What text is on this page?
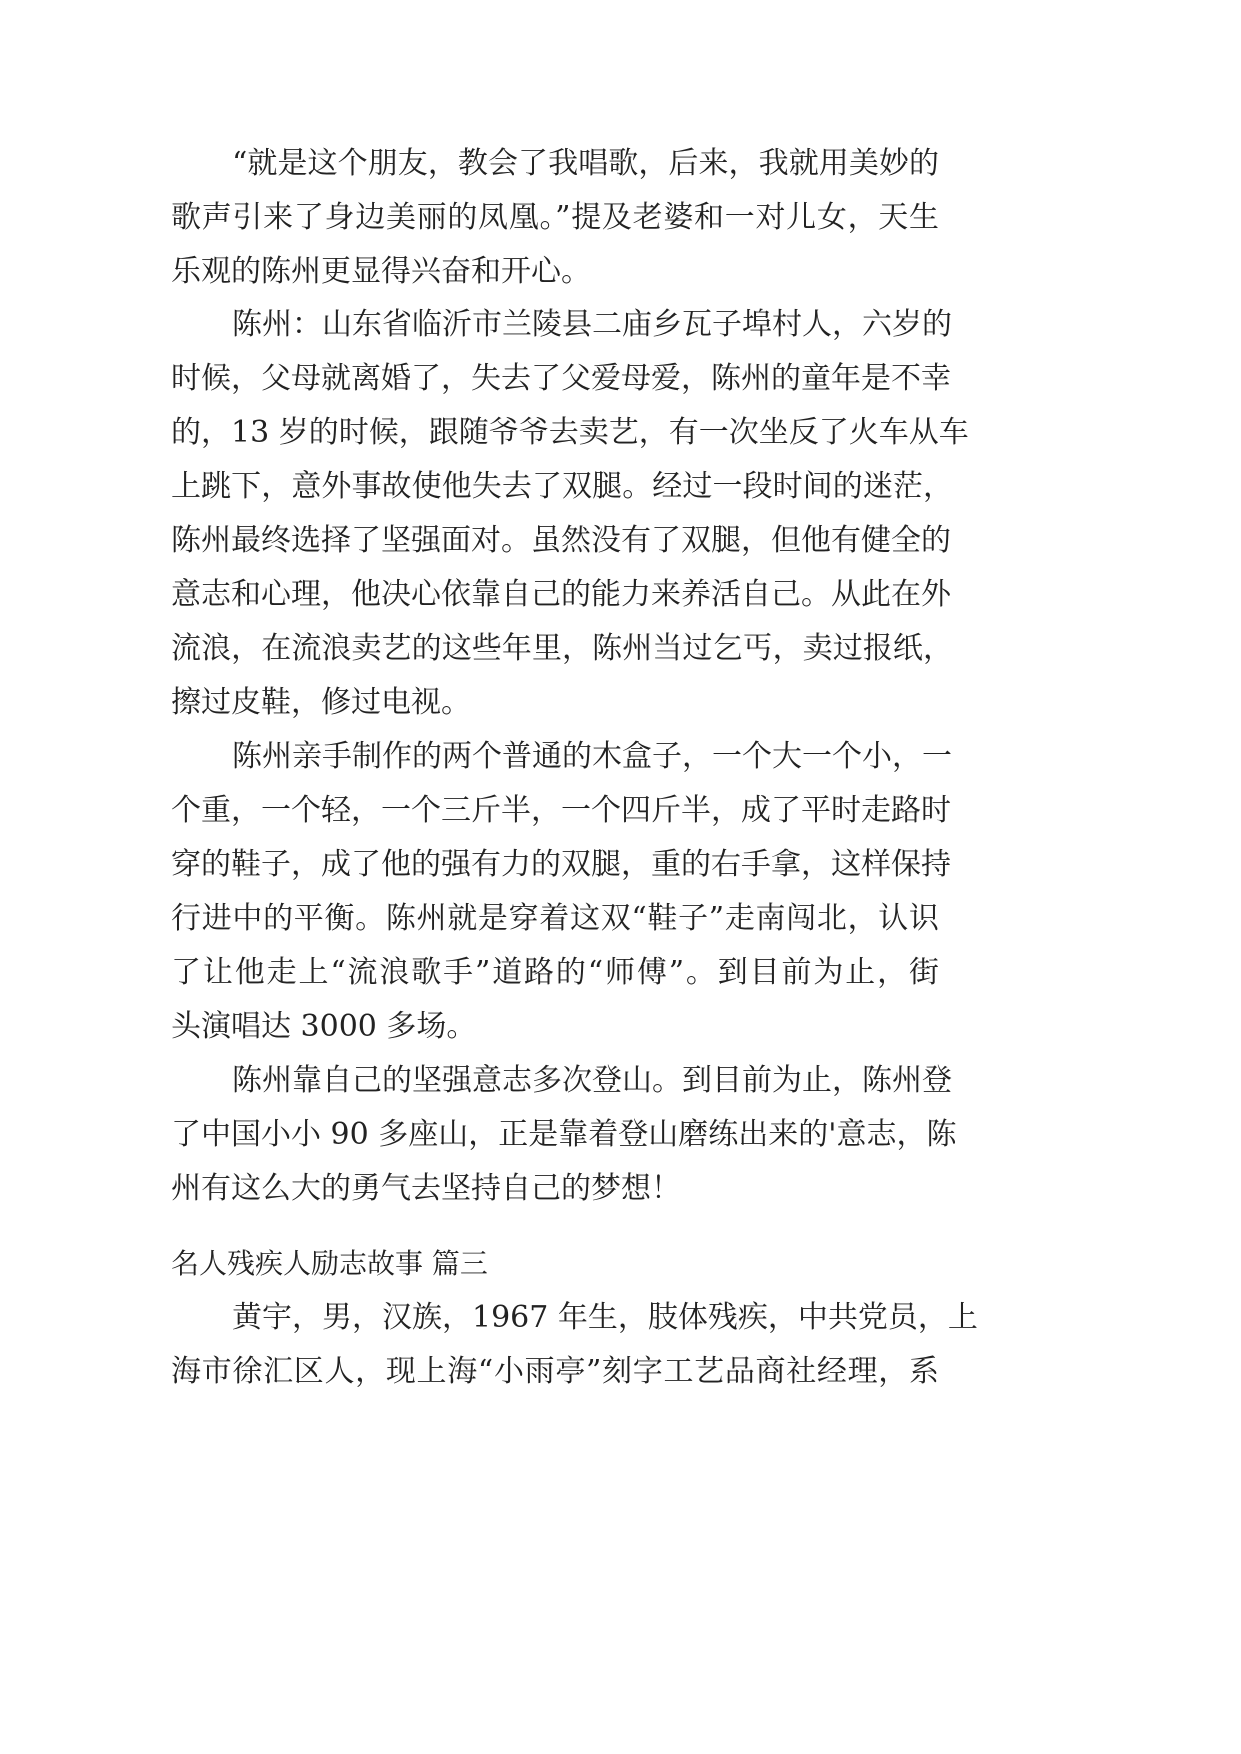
“就是这个朋友，教会了我唱歌，后来，我就用美妙的
歌声引来了身边美丽的凤凰。”提及老婆和一对儿女，天生
乐观的陈州更显得兴奋和开心。
陈州：山东省临沂市兰陵县二庙乡瓦子埠村人，六岁的
时候，父母就离婚了，失去了父爱母爱，陈州的童年是不幸
的，13 岁的时候，跟随爷爷去卖艺，有一次坐反了火车从车
上跳下，意外事故使他失去了双腿。经过一段时间的迷茫，
陈州最终选择了坚强面对。虽然没有了双腿，但他有健全的
意志和心理，他决心依靠自己的能力来养活自己。从此在外
流浪，在流浪卖艺的这些年里，陈州当过乞丐，卖过报纸，
擦过皮鞋，修过电视。
陈州亲手制作的两个普通的木盒子，一个大一个小，一
个重，一个轻，一个三斤半，一个四斤半，成了平时走路时
穿的鞋子，成了他的强有力的双腿，重的右手拿，这样保持
行进中的平衡。陈州就是穿着这双“鞋子”走南闯北，认识
了让他走上“流浪歌手”道路的“师傅”。到目前为止，街
头演唱达 3000 多场。
陈州靠自己的坚强意志多次登山。到目前为止，陈州登
了中国小小 90 多座山，正是靠着登山磨练出来的'意志，陈
州有这么大的勇气去坚持自己的梦想！
名人残疾人励志故事 篇三
黄宇，男，汉族，1967 年生，肢体残疾，中共党员，上
海市徐汇区人，现上海“小雨亭”刻字工艺品商社经理，系
